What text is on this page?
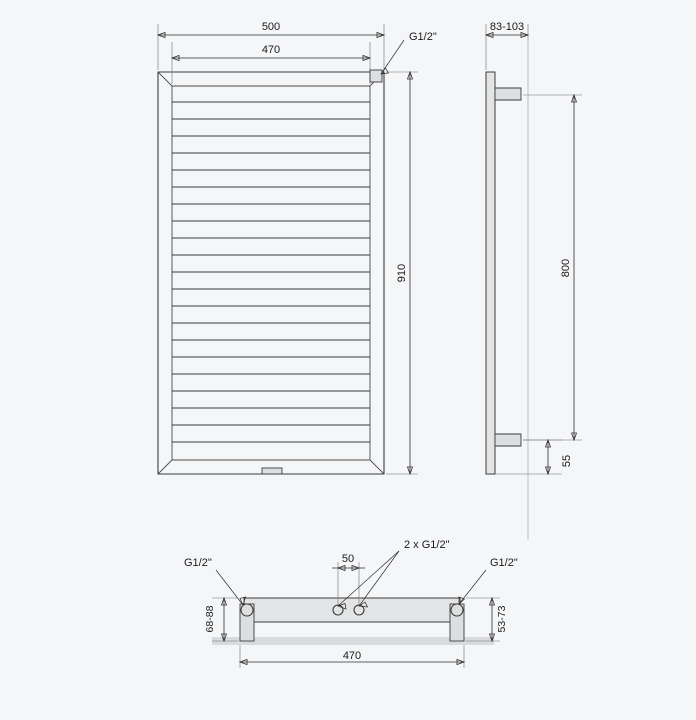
500
470
910
G1/2"
83-103
800
55
50
2 x G1/2"
G1/2"	G1/2"
68-88	53-73
470
